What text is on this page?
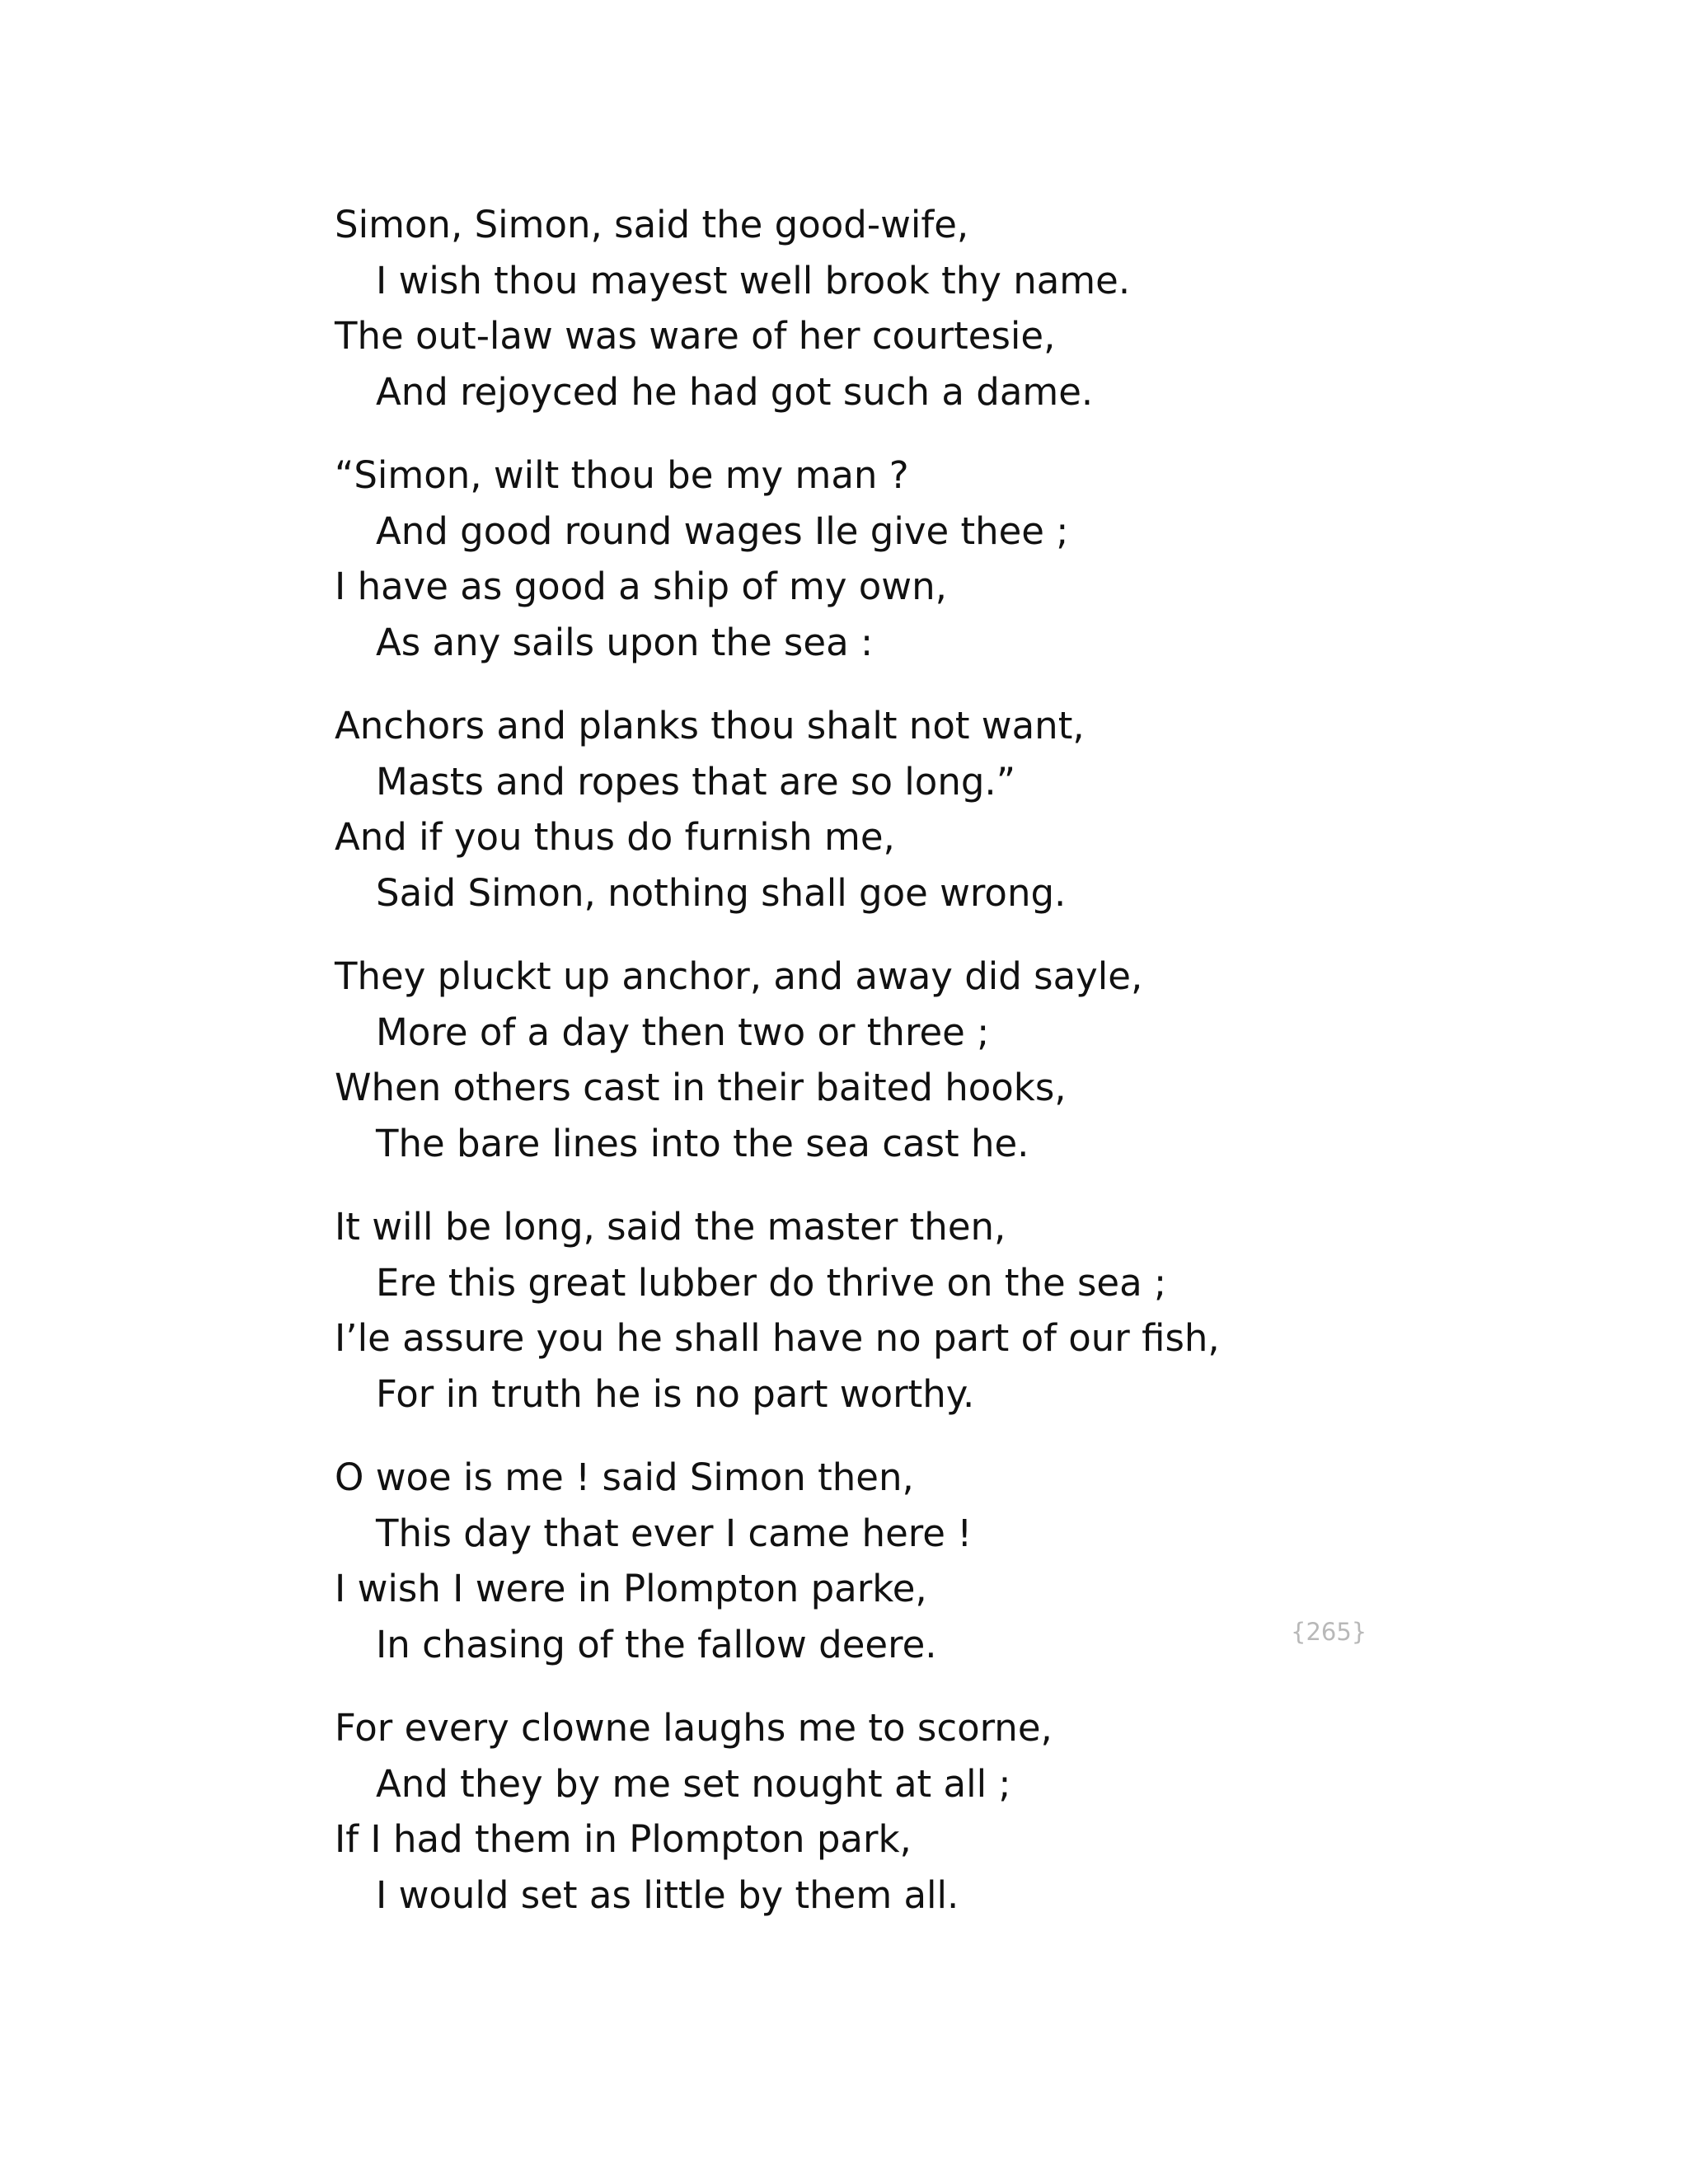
Simon, Simon, said the good-wife,
I wish thou mayest well brook thy name.
The out-law was ware of her courtesie,
And rejoyced he had got such a dame.
“Simon, wilt thou be my man ?
And good round wages Ile give thee ;
I have as good a ship of my own,
As any sails upon the sea :
Anchors and planks thou shalt not want,
Masts and ropes that are so long.”
And if you thus do furnish me,
Said Simon, nothing shall goe wrong.
They pluckt up anchor, and away did sayle,
More of a day then two or three ;
When others cast in their baited hooks,
The bare lines into the sea cast he.
It will be long, said the master then,
Ere this great lubber do thrive on the sea ;
I’le assure you he shall have no part of our fish,
For in truth he is no part worthy.
O woe is me ! said Simon then,
This day that ever I came here !
I wish I were in Plompton parke,
In chasing of the fallow deere.
For every clowne laughs me to scorne,
And they by me set nought at all ;
If I had them in Plompton park,
I would set as little by them all.
{265}
